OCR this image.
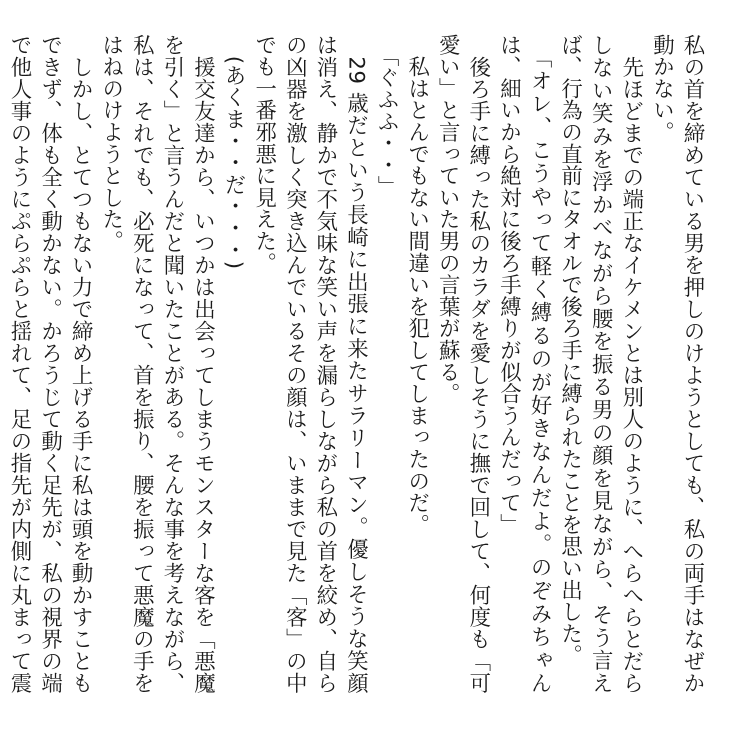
私の首を締めている男を押しのけようとしても、私の両手はなぜか動かない。

　先ほどまでの端正なイケメンとは別人のように、へらへらとだらしない笑みを浮かべながら腰を振る男の顔を見ながら、そう言えば、行為の直前にタオルで後ろ手に縛られたことを思い出した。

　「オレ、こうやって軽く縛るのが好きなんだよ。のぞみちゃんは、細いから絶対に後ろ手縛りが似合うんだって」

　後ろ手に縛った私のカラダを愛しそうに撫で回して、何度も「可愛い」と言っていた男の言葉が蘇る。

　私はとんでもない間違いを犯してしまったのだ。

　「ぐふふ・・」

　29 歳だという長崎に出張に来たサラリーマン。優しそうな笑顔は消え、静かで不気味な笑い声を漏らしながら私の首を絞め、自らの凶器を激しく突き込んでいるその顔は、いままで見た「客」の中でも一番邪悪に見えた。

　(あくま・・だ・・・)

　援交友達から、いつかは出会ってしまうモンスターな客を「悪魔を引く」と言うんだと聞いたことがある。そんな事を考えながら、私は、それでも、必死になって、首を振り、腰を振って悪魔の手をはねのけようとした。

　しかし、とてつもない力で締め上げる手に私は頭を動かすこともできず、体も全く動かない。かろうじて動く足先が、私の視界の端で他人事のようにぷらぷらと揺れて、足の指先が内側に丸まって震
